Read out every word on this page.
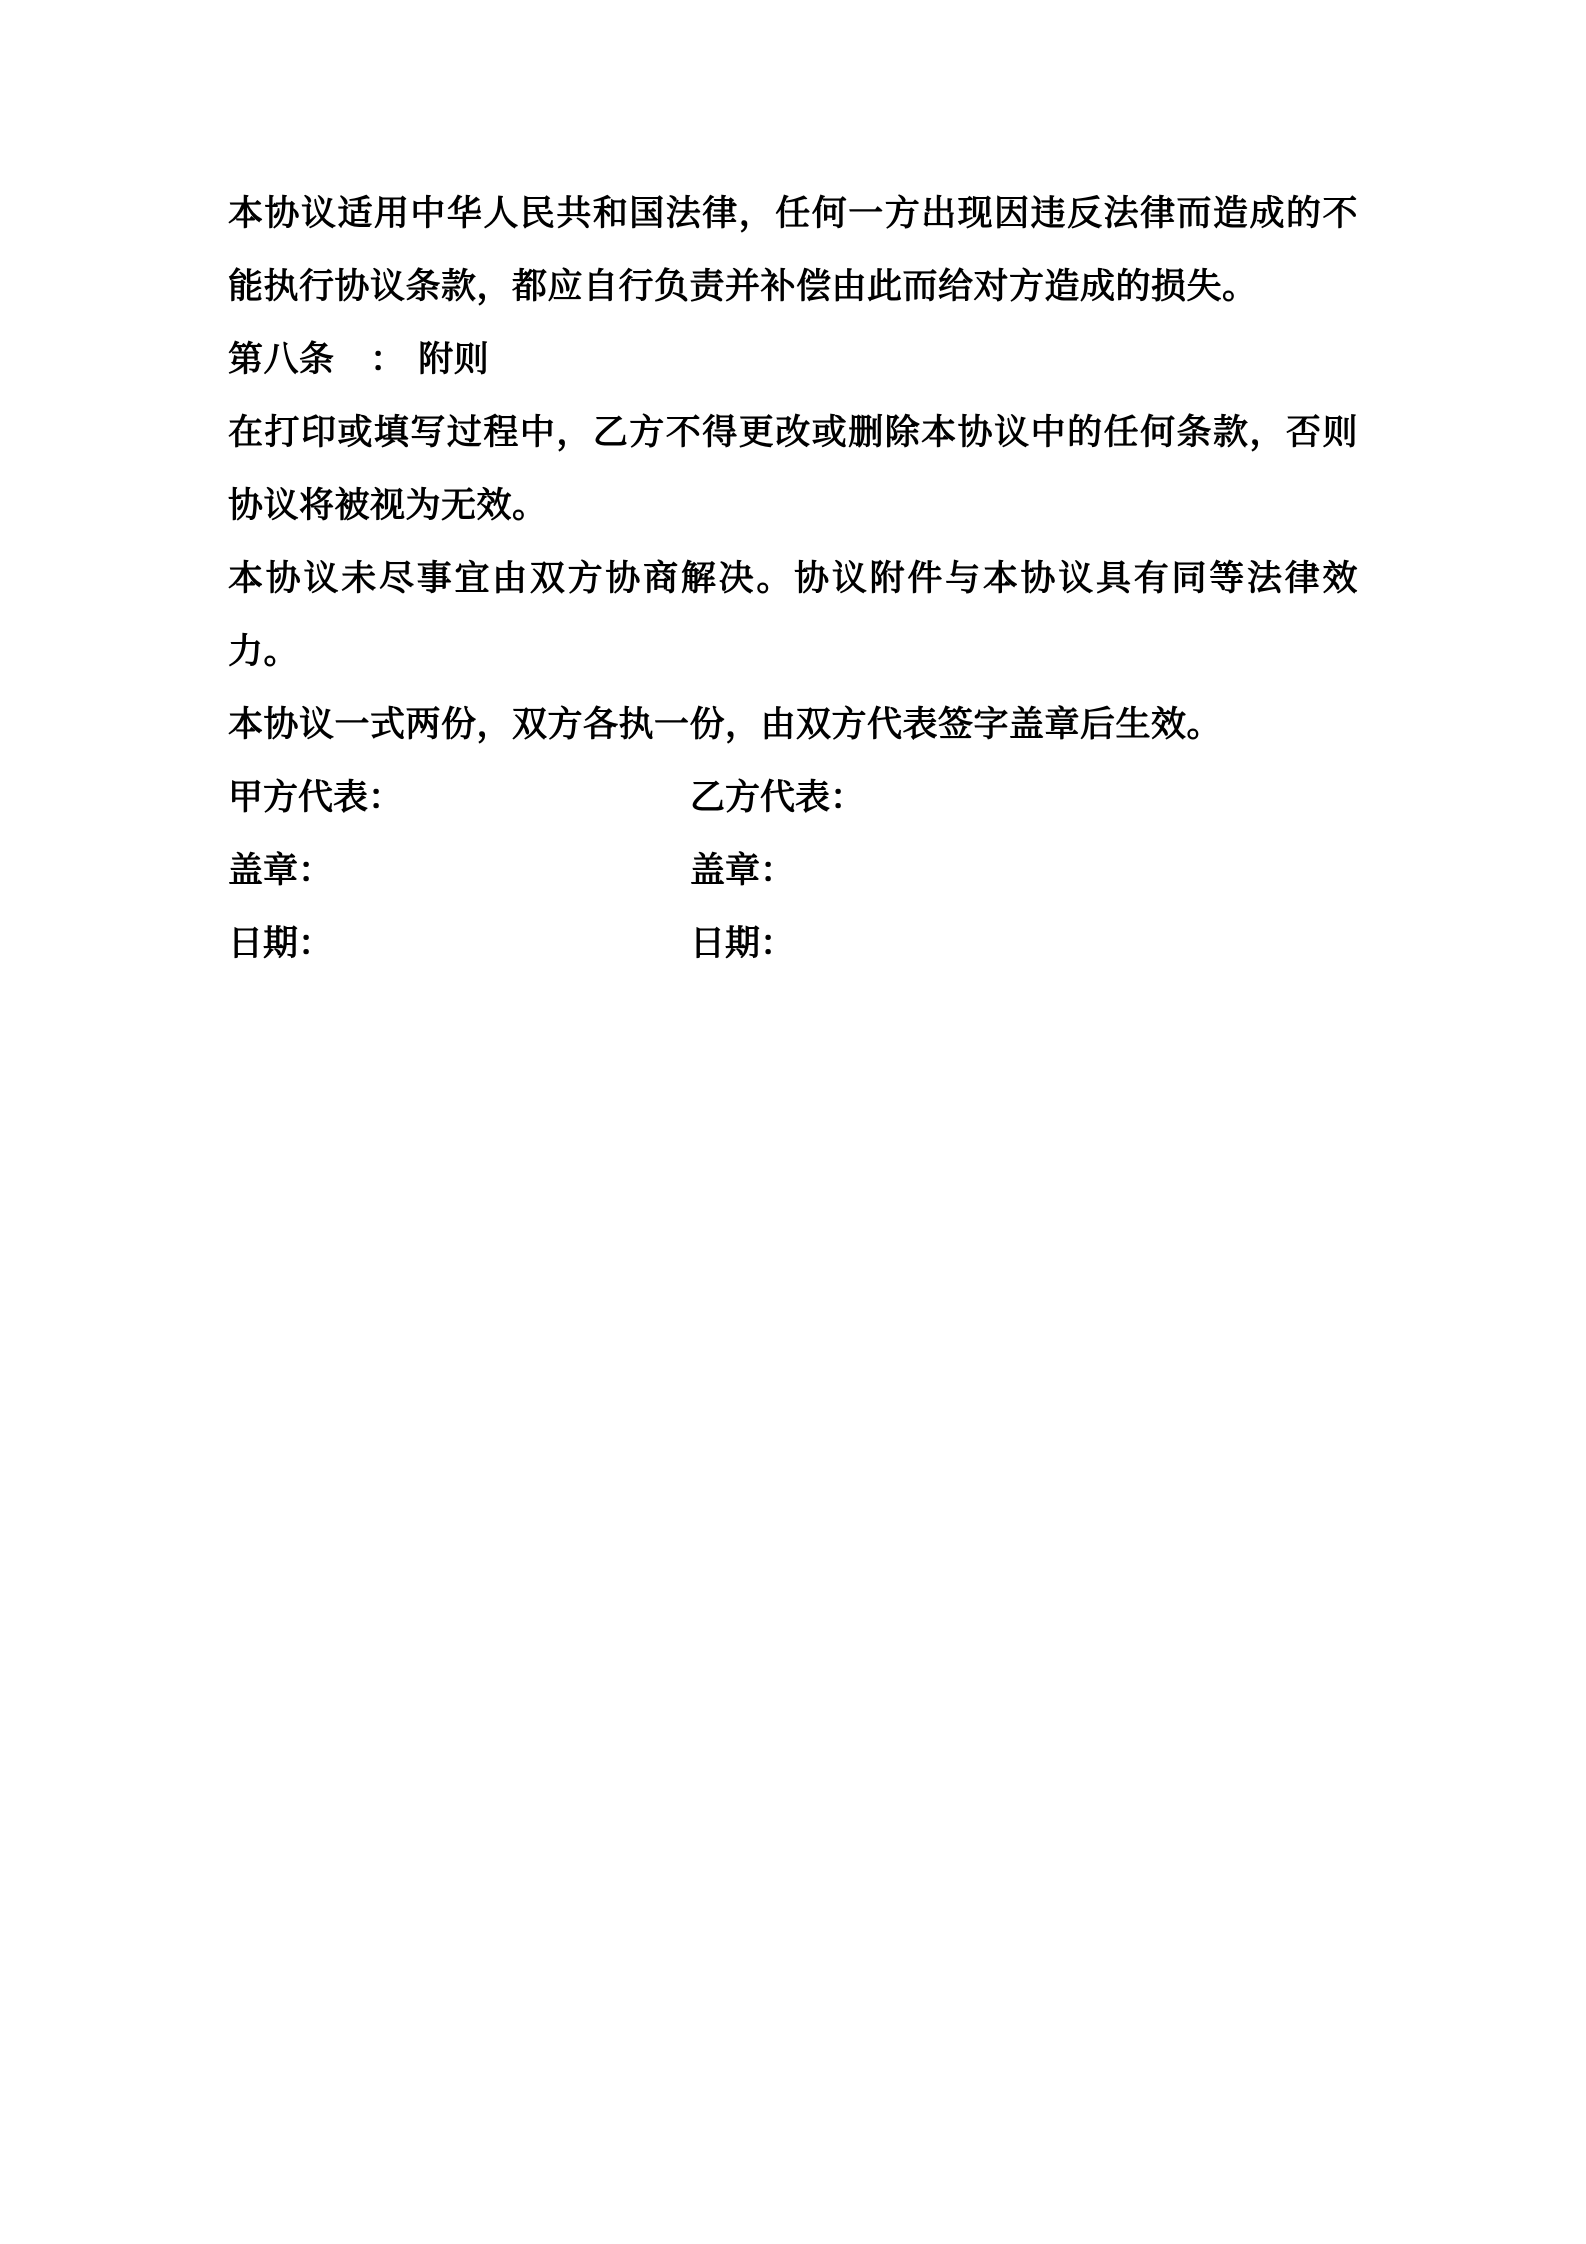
本协议适用中华人民共和国法律，任何一方出现因违反法律而造成的不能执行协议条款，都应自行负责并补偿由此而给对方造成的损失。

第八条　 ： 附则

在打印或填写过程中，乙方不得更改或删除本协议中的任何条款，否则协议将被视为无效。

本协议未尽事宜由双方协商解决。协议附件与本协议具有同等法律效力。

本协议一式两份，双方各执一份，由双方代表签字盖章后生效。

甲方代表：	乙方代表：
盖章：	盖章：
日期：	日期：
